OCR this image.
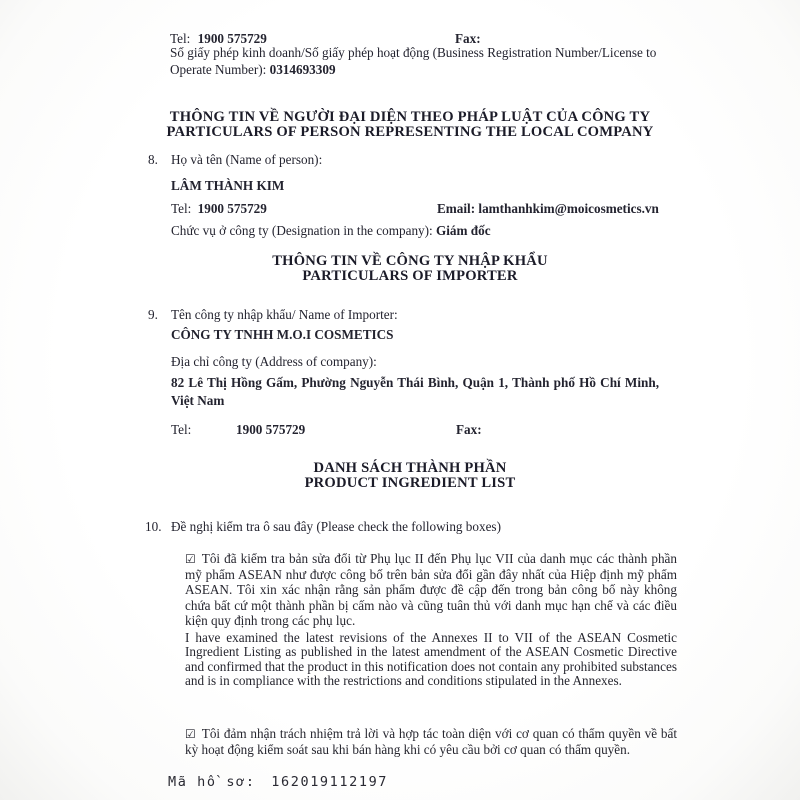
Tel: 1900 575729	Fax:

Số giấy phép kinh doanh/Số giấy phép hoạt động (Business Registration Number/License to Operate Number): 0314693309

THÔNG TIN VỀ NGƯỜI ĐẠI DIỆN THEO PHÁP LUẬT CỦA CÔNG TY
PARTICULARS OF PERSON REPRESENTING THE LOCAL COMPANY
8. Họ và tên (Name of person):
LÂM THÀNH KIM
Tel: 1900 575729	Email: lamthanhkim@moicosmetics.vn
Chức vụ ở công ty (Designation in the company): Giám đốc
THÔNG TIN VỀ CÔNG TY NHẬP KHẨU
PARTICULARS OF IMPORTER
9. Tên công ty nhập khẩu/ Name of Importer:
CÔNG TY TNHH M.O.I COSMETICS
Địa chỉ công ty (Address of company):
82 Lê Thị Hồng Gấm, Phường Nguyễn Thái Bình, Quận 1, Thành phố Hồ Chí Minh, Việt Nam
Tel:	1900 575729	Fax:
DANH SÁCH THÀNH PHẦN
PRODUCT INGREDIENT LIST
10. Đề nghị kiểm tra ô sau đây (Please check the following boxes)

☑ Tôi đã kiểm tra bản sửa đổi từ Phụ lục II đến Phụ lục VII của danh mục các thành phần mỹ phẩm ASEAN như được công bố trên bản sửa đổi gần đây nhất của Hiệp định mỹ phẩm ASEAN. Tôi xin xác nhận rằng sản phẩm được đề cập đến trong bản công bố này không chứa bất cứ một thành phần bị cấm nào và cũng tuân thủ với danh mục hạn chế và các điều kiện quy định trong các phụ lục.

I have examined the latest revisions of the Annexes II to VII of the ASEAN Cosmetic Ingredient Listing as published in the latest amendment of the ASEAN Cosmetic Directive and confirmed that the product in this notification does not contain any prohibited substances and is in compliance with the restrictions and conditions stipulated in the Annexes.

☑ Tôi đảm nhận trách nhiệm trả lời và hợp tác toàn diện với cơ quan có thẩm quyền về bất kỳ hoạt động kiểm soát sau khi bán hàng khi có yêu cầu bởi cơ quan có thẩm quyền.

Mã hồ sơ: 162019112197
